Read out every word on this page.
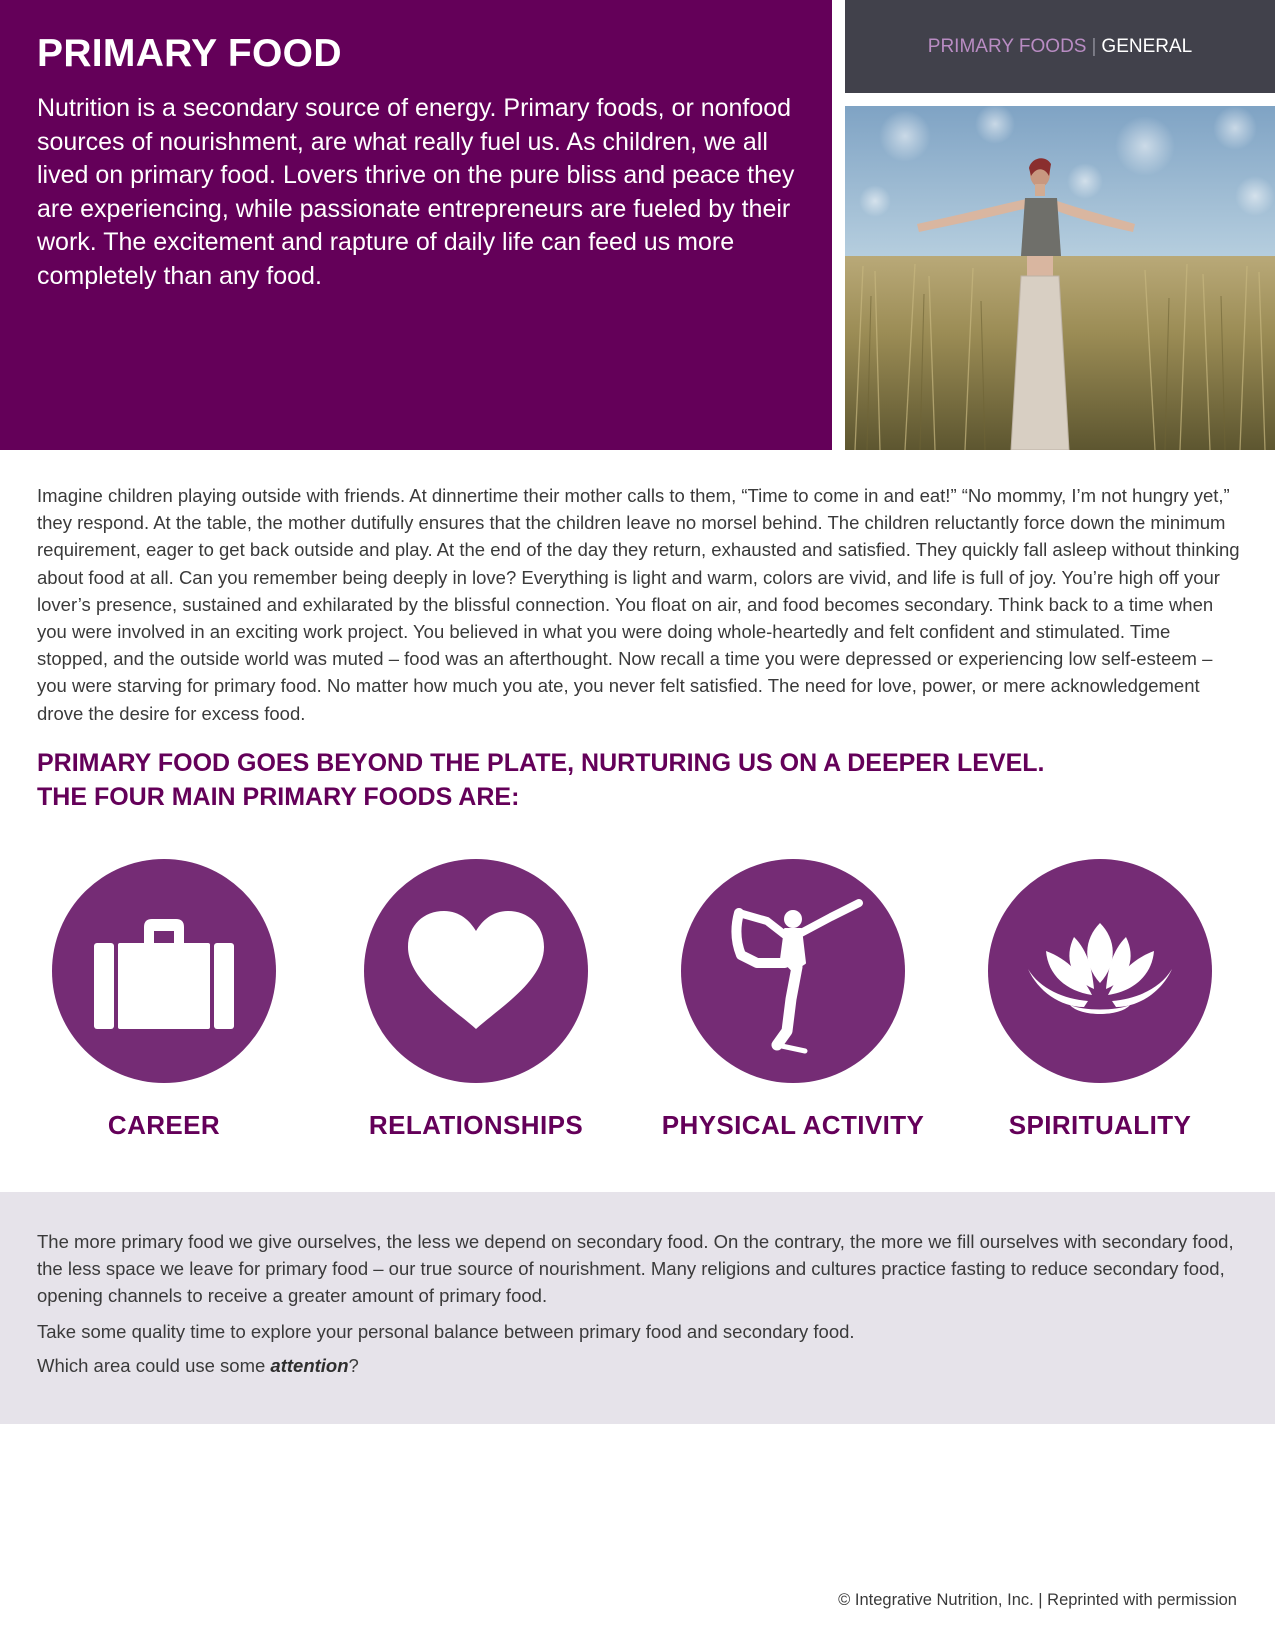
PRIMARY FOOD

Nutrition is a secondary source of energy. Primary foods, or nonfood sources of nourishment, are what really fuel us. As children, we all lived on primary food. Lovers thrive on the pure bliss and peace they are experiencing, while passionate entrepreneurs are fueled by their work. The excitement and rapture of daily life can feed us more completely than any food.

PRIMARY FOODS | GENERAL

Imagine children playing outside with friends. At dinnertime their mother calls to them, “Time to come in and eat!” “No mommy, I’m not hungry yet,” they respond. At the table, the mother dutifully ensures that the children leave no morsel behind. The children reluctantly force down the minimum requirement, eager to get back outside and play. At the end of the day they return, exhausted and satisfied. They quickly fall asleep without thinking about food at all. Can you remember being deeply in love? Everything is light and warm, colors are vivid, and life is full of joy. You’re high off your lover’s presence, sustained and exhilarated by the blissful connection. You float on air, and food becomes secondary. Think back to a time when you were involved in an exciting work project. You believed in what you were doing whole-heartedly and felt confident and stimulated. Time stopped, and the outside world was muted – food was an afterthought. Now recall a time you were depressed or experiencing low self-esteem – you were starving for primary food. No matter how much you ate, you never felt satisfied. The need for love, power, or mere acknowledgement drove the desire for excess food.

PRIMARY FOOD GOES BEYOND THE PLATE, NURTURING US ON A DEEPER LEVEL.
THE FOUR MAIN PRIMARY FOODS ARE:
CAREER	RELATIONSHIPS	PHYSICAL ACTIVITY	SPIRITUALITY

The more primary food we give ourselves, the less we depend on secondary food. On the contrary, the more we fill ourselves with secondary food, the less space we leave for primary food – our true source of nourishment. Many religions and cultures practice fasting to reduce secondary food, opening channels to receive a greater amount of primary food.

Take some quality time to explore your personal balance between primary food and secondary food.

Which area could use some attention?

© Integrative Nutrition, Inc. | Reprinted with permission
